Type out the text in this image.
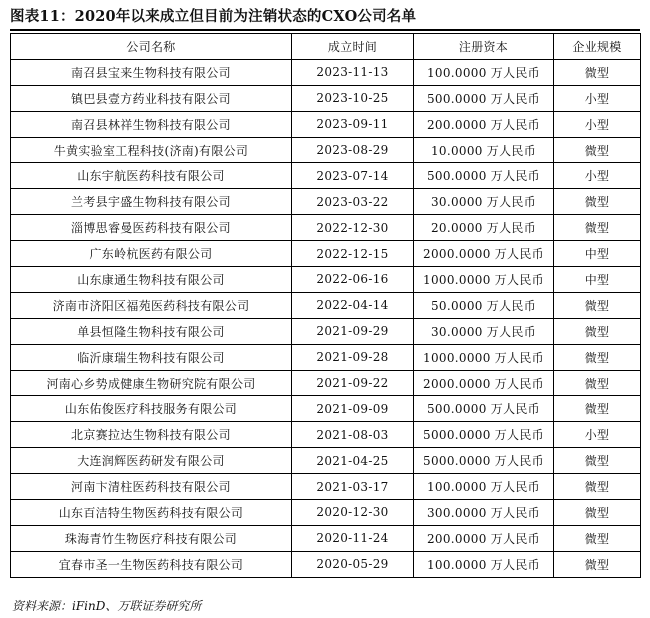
图表11：2020年以来成立但目前为注销状态的CXO公司名单
公司名称	成立时间	注册资本	企业规模
南召县宝来生物科技有限公司	2023-11-13	100.0000 万人民币	微型
镇巴县壹方药业科技有限公司	2023-10-25	500.0000 万人民币	小型
南召县林祥生物科技有限公司	2023-09-11	200.0000 万人民币	小型
牛黄实验室工程科技(济南)有限公司	2023-08-29	10.0000 万人民币	微型
山东宇航医药科技有限公司	2023-07-14	500.0000 万人民币	小型
兰考县宇盛生物科技有限公司	2023-03-22	30.0000 万人民币	微型
淄博思睿曼医药科技有限公司	2022-12-30	20.0000 万人民币	微型
广东岭杭医药有限公司	2022-12-15	2000.0000 万人民币	中型
山东康通生物科技有限公司	2022-06-16	1000.0000 万人民币	中型
济南市济阳区福苑医药科技有限公司	2022-04-14	50.0000 万人民币	微型
单县恒隆生物科技有限公司	2021-09-29	30.0000 万人民币	微型
临沂康瑞生物科技有限公司	2021-09-28	1000.0000 万人民币	微型
河南心乡势成健康生物研究院有限公司	2021-09-22	2000.0000 万人民币	微型
山东佑俊医疗科技服务有限公司	2021-09-09	500.0000 万人民币	微型
北京赛拉达生物科技有限公司	2021-08-03	5000.0000 万人民币	小型
大连润辉医药研发有限公司	2021-04-25	5000.0000 万人民币	微型
河南卞清柱医药科技有限公司	2021-03-17	100.0000 万人民币	微型
山东百洁特生物医药科技有限公司	2020-12-30	300.0000 万人民币	微型
珠海青竹生物医疗科技有限公司	2020-11-24	200.0000 万人民币	微型
宜春市圣一生物医药科技有限公司	2020-05-29	100.0000 万人民币	微型
资料来源：iFinD、万联证券研究所
